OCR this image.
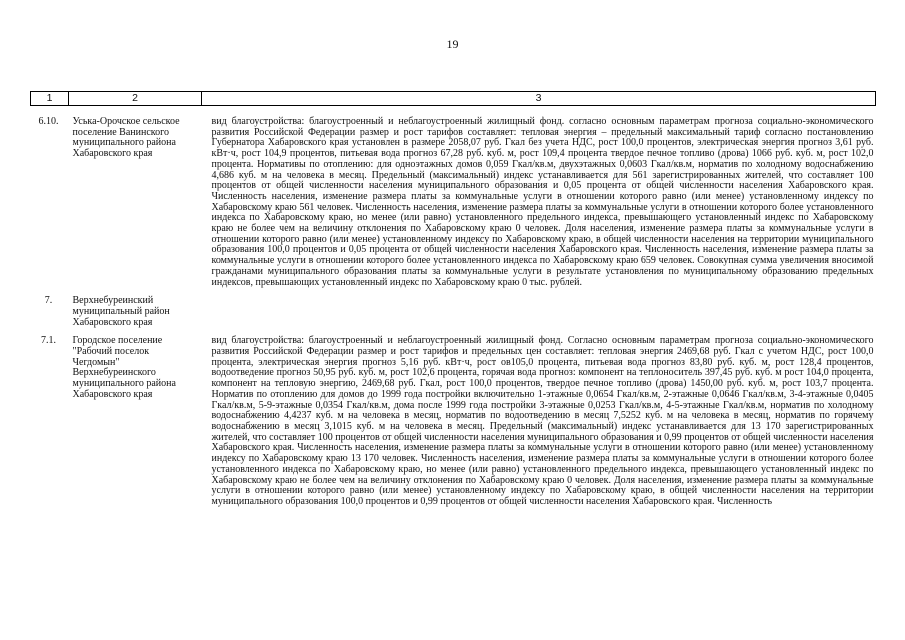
19
1	2	3
6.10.	Уська-Орочское сельское поселение Ванинского муниципального района Хабаровского края	вид благоустройства: благоустроенный и неблагоустроенный жилищный фонд. согласно основным параметрам прогноза социально-экономического развития Российской Федерации размер и рост тарифов составляет: тепловая энергия – предельный максимальный тариф согласно постановлению Губернатора Хабаровского края установлен в размере 2058,07 руб. Гкал без учета НДС, рост 100,0 процентов, электрическая энергия прогноз 3,61 руб. кВт·ч, рост 104,9 процентов, питьевая вода прогноз 67,28 руб. куб. м, рост 109,4 процента твердое печное топливо (дрова) 1066 руб. куб. м, рост 102,0 процента. Нормативы по отоплению: для одноэтажных домов 0,059 Гкал/кв.м, двухэтажных 0,0603 Гкал/кв.м, норматив по холодному водоснабжению 4,686 куб. м на человека в месяц. Предельный (максимальный) индекс устанавливается для 561 зарегистрированных жителей, что составляет 100 процентов от общей численности населения муниципального образования и 0,05 процента от общей численности населения Хабаровского края. Численность населения, изменение размера платы за коммунальные услуги в отношении которого равно (или менее) установленному индексу по Хабаровскому краю 561 человек. Численность населения, изменение размера платы за коммунальные услуги в отношении которого более установленного индекса по Хабаровскому краю, но менее (или равно) установленного предельного индекса, превышающего установленный индекс по Хабаровскому краю не более чем на величину отклонения по Хабаровскому краю 0 человек. Доля населения, изменение размера платы за коммунальные услуги в отношении которого равно (или менее) установленному индексу по Хабаровскому краю, в общей численности населения на территории муниципального образования 100,0 процентов и 0,05 процента от общей численности населения Хабаровского края. Численность населения, изменение размера платы за коммунальные услуги в отношении которого более установленного индекса по Хабаровскому краю 659 человек. Совокупная сумма увеличения вносимой гражданами муниципального образования платы за коммунальные услуги в результате установления по муниципальному образованию предельных индексов, превышающих установленный индекс по Хабаровскому краю 0 тыс. рублей.
7.	Верхнебуреинский муниципальный район Хабаровского края	
7.1.	Городское поселение "Рабочий поселок Чегдомын" Верхнебуреинского муниципального района Хабаровского края	вид благоустройства: благоустроенный и неблагоустроенный жилищный фонд. Согласно основным параметрам прогноза социально-экономического развития Российской Федерации размер и рост тарифов и предельных цен составляет: тепловая энергия 2469,68 руб. Гкал с учетом НДС, рост 100,0 процента, электрическая энергия прогноз 5,16 руб. кВт·ч, рост ов105,0 процента, питьевая вода прогноз 83,80 руб. куб. м, рост 128,4 процентов, водоотведение прогноз 50,95 руб. куб. м, рост 102,6 процента, горячая вода прогноз: компонент на теплоноситель 397,45 руб. куб. м рост 104,0 процента, компонент на тепловую энергию, 2469,68 руб. Гкал, рост 100,0 процентов, твердое печное топливо (дрова) 1450,00 руб. куб. м, рост 103,7 процента. Норматив по отоплению для домов до 1999 года постройки включительно 1-этажные 0,0654 Гкал/кв.м, 2-этажные 0,0646 Гкал/кв.м, 3-4-этажные 0,0405 Гкал/кв.м, 5-9-этажные 0,0354 Гкал/кв.м, дома после 1999 года постройки 3-этажные 0,0253 Гкал/кв.м, 4-5-этажные Гкал/кв.м, норматив по холодному водоснабжению 4,4237 куб. м на человека в месяц, норматив по водоотведению в месяц 7,5252 куб. м на человека в месяц, норматив по горячему водоснабжению в месяц 3,1015 куб. м на человека в месяц. Предельный (максимальный) индекс устанавливается для 13 170 зарегистрированных жителей, что составляет 100 процентов от общей численности населения муниципального образования и 0,99 процентов от общей численности населения Хабаровского края. Численность населения, изменение размера платы за коммунальные услуги в отношении которого равно (или менее) установленному индексу по Хабаровскому краю 13 170 человек. Численность населения, изменение размера платы за коммунальные услуги в отношении которого более установленного индекса по Хабаровскому краю, но менее (или равно) установленного предельного индекса, превышающего установленный индекс по Хабаровскому краю не более чем на величину отклонения по Хабаровскому краю 0 человек. Доля населения, изменение размера платы за коммунальные услуги в отношении которого равно (или менее) установленному индексу по Хабаровскому краю, в общей численности населения на территории муниципального образования 100,0 процентов и 0,99 процентов от общей численности населения Хабаровского края. Численность
